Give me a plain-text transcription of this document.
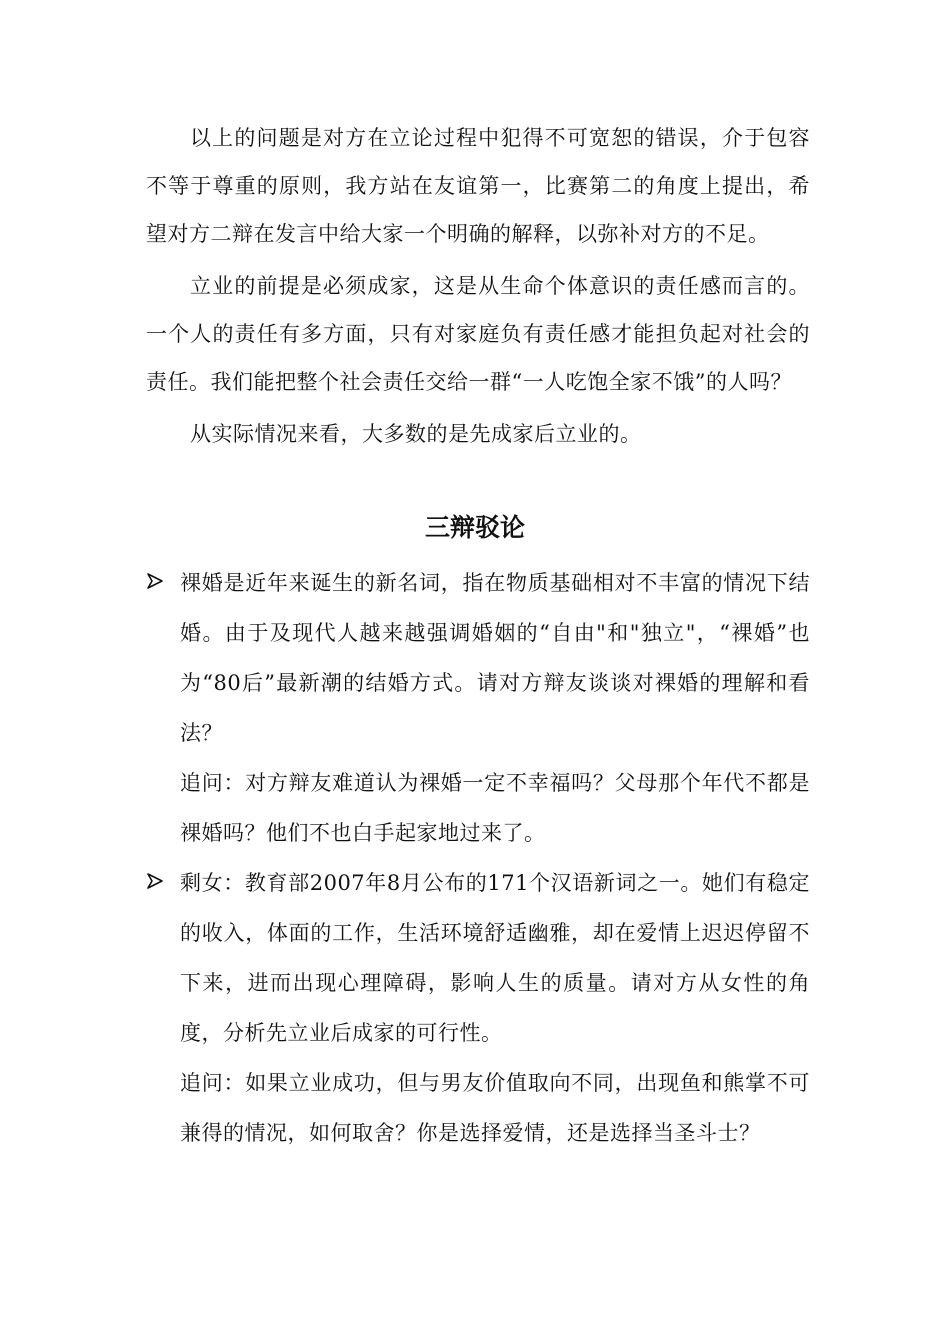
以上的问题是对方在立论过程中犯得不可宽恕的错误，介于包容不等于尊重的原则，我方站在友谊第一，比赛第二的角度上提出，希望对方二辩在发言中给大家一个明确的解释，以弥补对方的不足。

立业的前提是必须成家，这是从生命个体意识的责任感而言的。一个人的责任有多方面，只有对家庭负有责任感才能担负起对社会的责任。我们能把整个社会责任交给一群“一人吃饱全家不饿”的人吗？

从实际情况来看，大多数的是先成家后立业的。

三辩驳论
裸婚是近年来诞生的新名词，指在物质基础相对不丰富的情况下结婚。由于及现代人越来越强调婚姻的“自由"和"独立"，“裸婚”也为“80后”最新潮的结婚方式。请对方辩友谈谈对裸婚的理解和看法？
追问：对方辩友难道认为裸婚一定不幸福吗？父母那个年代不都是裸婚吗？他们不也白手起家地过来了。
剩女：教育部2007年8月公布的171个汉语新词之一。她们有稳定的收入，体面的工作，生活环境舒适幽雅，却在爱情上迟迟停留不下来，进而出现心理障碍，影响人生的质量。请对方从女性的角度，分析先立业后成家的可行性。
追问：如果立业成功，但与男友价值取向不同，出现鱼和熊掌不可兼得的情况，如何取舍？你是选择爱情，还是选择当圣斗士？
